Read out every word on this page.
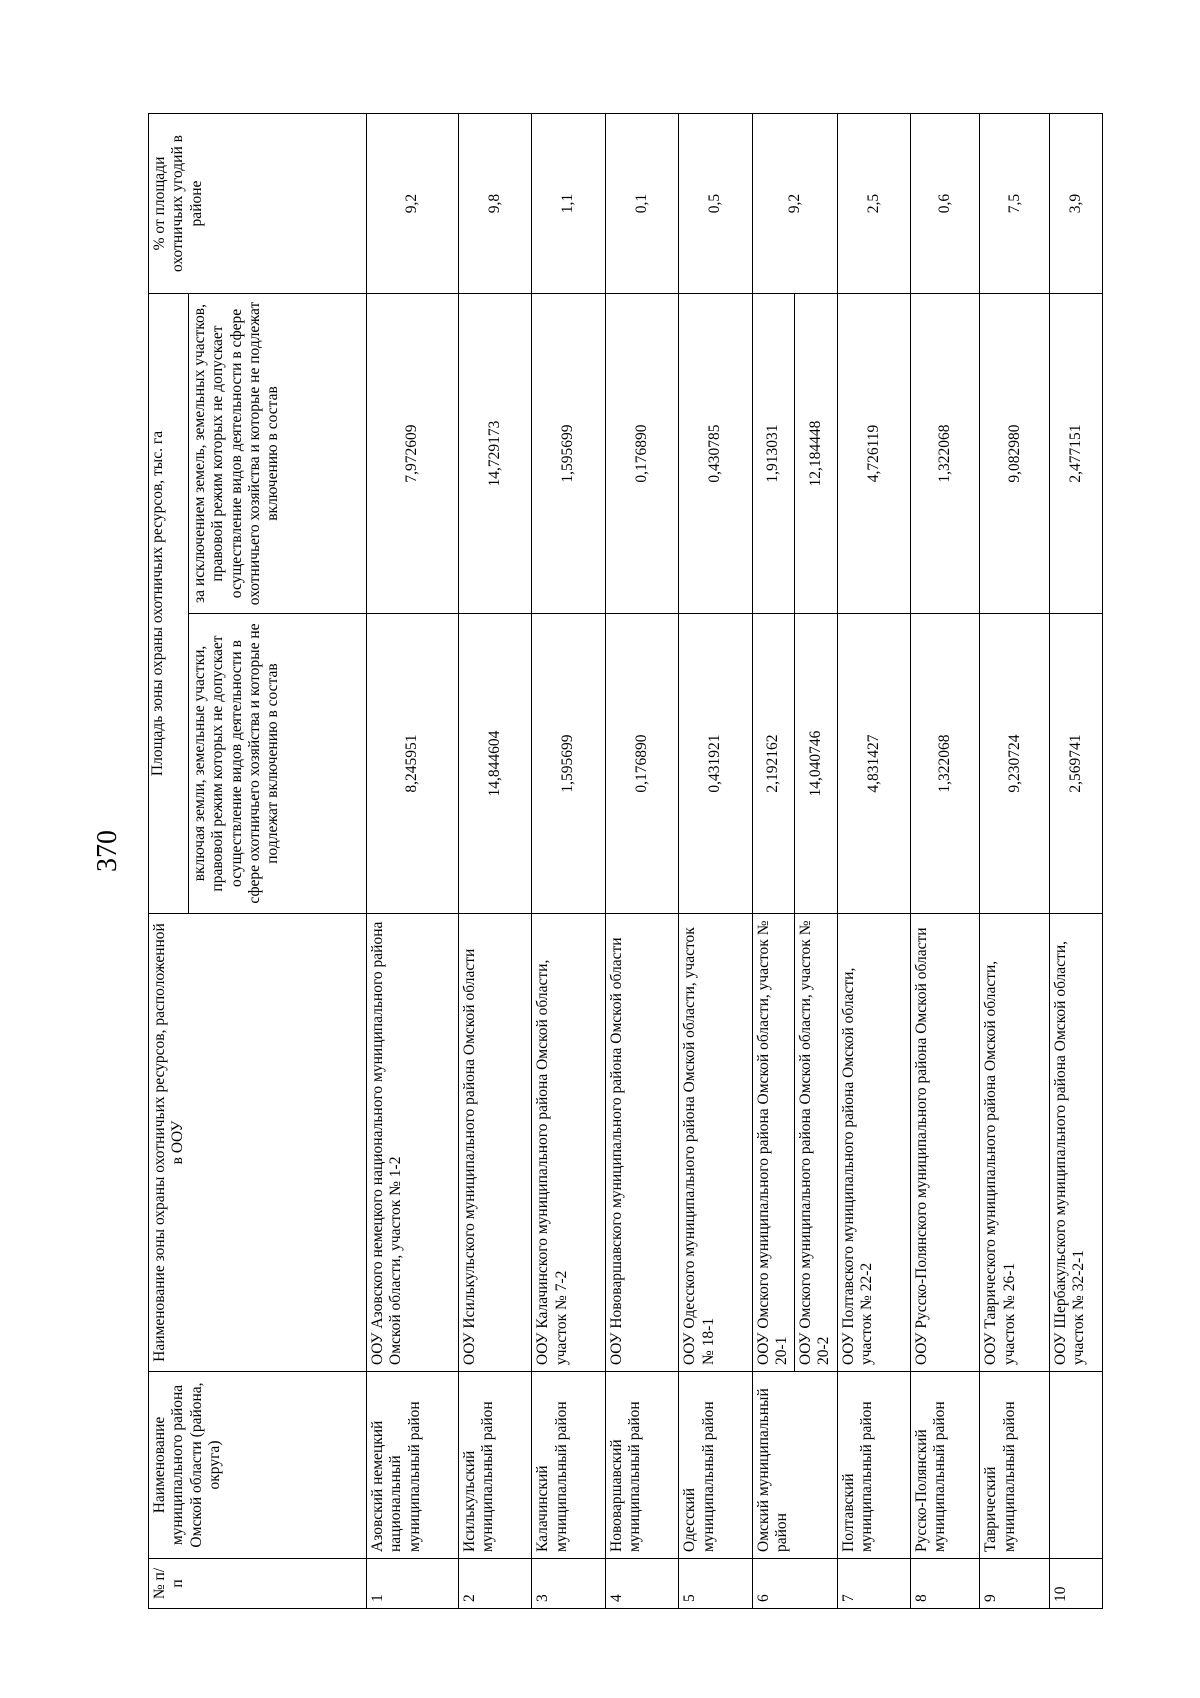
370
№ п/п	Наименование муниципального района Омской области (района, округа)	Наименование зоны охраны охотничьих ресурсов, расположенной в ООУ	Площадь зоны охраны охотничьих ресурсов, тыс. га		% от площади охотничьих угодий в районе
			включая земли, земельные участки, правовой режим которых не допускает осуществление видов деятельности в сфере охотничьего хозяйства и которые не подлежат включению в состав	за исключением земель, земельных участков, правовой режим которых не допускает осуществление видов деятельности в сфере охотничьего хозяйства и которые не подлежат включению в состав	
1	Азовский немецкий национальный муниципальный район	ООУ Азовского немецкого национального муниципального района Омской области, участок № 1-2	8,245951	7,972609	9,2
2	Исилькульский муниципальный район	ООУ Исилькульского муниципального района Омской области	14,844604	14,729173	9,8
3	Калачинский муниципальный район	ООУ Калачинского муниципального района Омской области, участок № 7-2	1,595699	1,595699	1,1
4	Нововаршавский муниципальный район	ООУ Нововаршавского муниципального района Омской области	0,176890	0,176890	0,1
5	Одесский муниципальный район	ООУ Одесского муниципального района Омской области, участок № 18-1	0,431921	0,430785	0,5
6	Омский муниципальный район	ООУ Омского муниципального района Омской области, участок № 20-1	2,192162	1,913031	9,2
		ООУ Омского муниципального района Омской области, участок № 20-2	14,040746	12,184448	
7	Полтавский муниципальный район	ООУ Полтавского муниципального района Омской области, участок № 22-2	4,831427	4,726119	2,5
8	Русско-Полянский муниципальный район	ООУ Русско-Полянского муниципального района Омской области	1,322068	1,322068	0,6
9	Таврический муниципальный район	ООУ Таврического муниципального района Омской области, участок № 26-1	9,230724	9,082980	7,5
10		ООУ Шербакульского муниципального района Омской области, участок № 32-2-1	2,569741	2,477151	3,9
